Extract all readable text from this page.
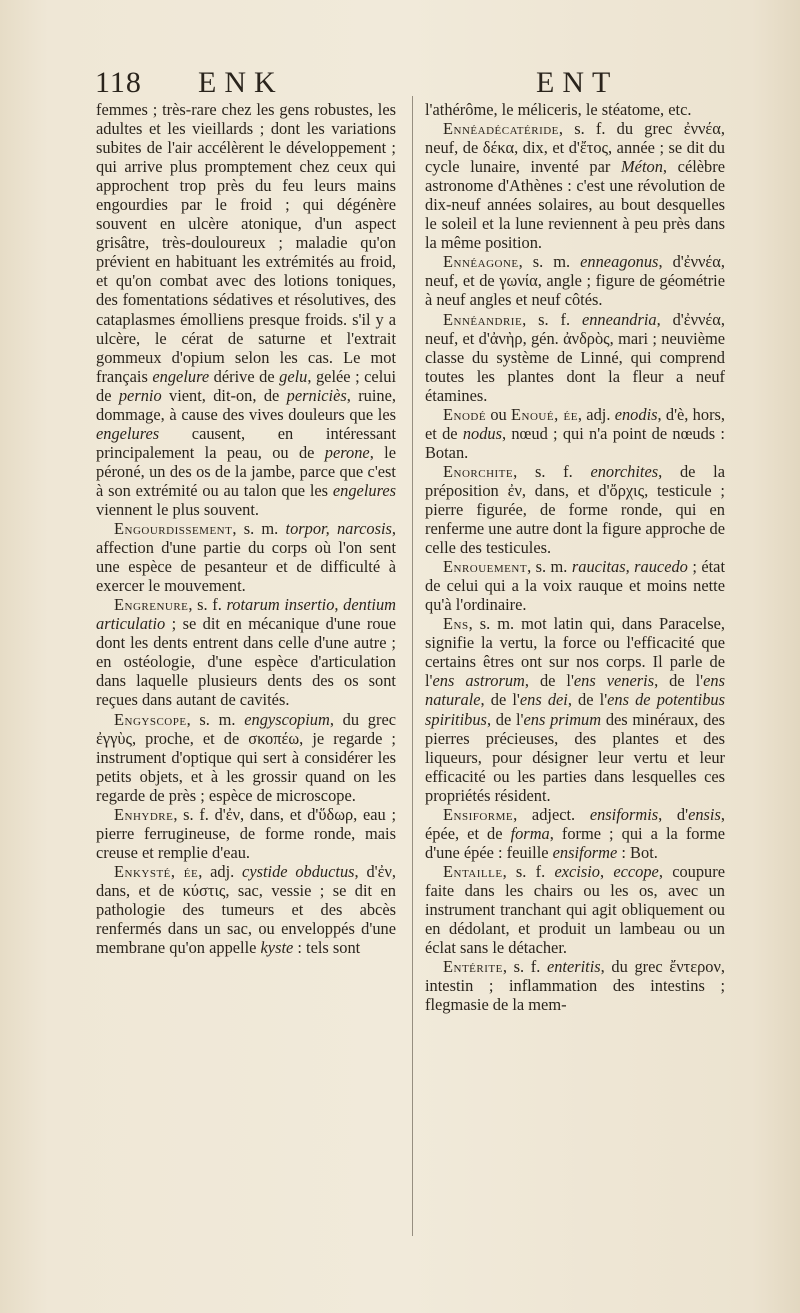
118 ENK	ENT

femmes ; très-rare chez les gens robustes, les adultes et les vieillards ; dont les variations subites de l'air accélèrent le développement ; qui arrive plus promptement chez ceux qui approchent trop près du feu leurs mains engourdies par le froid ; qui dégénère souvent en ulcère atonique, d'un aspect grisâtre, très-douloureux ; maladie qu'on prévient en habituant les extrémités au froid, et qu'on combat avec des lotions toniques, des fomentations sédatives et résolutives, des cataplasmes émolliens presque froids. s'il y a ulcère, le cérat de saturne et l'extrait gommeux d'opium selon les cas. Le mot français engelure dérive de gelu, gelée ; celui de pernio vient, dit-on, de perniciès, ruine, dommage, à cause des vives douleurs que les engelures causent, en intéressant principalement la peau, ou de perone, le péroné, un des os de la jambe, parce que c'est à son extrémité ou au talon que les engelures viennent le plus souvent.

Engourdissement, s. m. torpor, narcosis, affection d'une partie du corps où l'on sent une espèce de pesanteur et de difficulté à exercer le mouvement.

Engrenure, s. f. rotarum insertio, dentium articulatio ; se dit en mécanique d'une roue dont les dents entrent dans celle d'une autre ; en ostéologie, d'une espèce d'articulation dans laquelle plusieurs dents des os sont reçues dans autant de cavités.

Engyscope, s. m. engyscopium, du grec ἐγγὺς, proche, et de σκοπέω, je regarde ; instrument d'optique qui sert à considérer les petits objets, et à les grossir quand on les regarde de près ; espèce de microscope.

Enhydre, s. f. d'ἐν, dans, et d'ὕδωρ, eau ; pierre ferrugineuse, de forme ronde, mais creuse et remplie d'eau.

Enkysté, ée, adj. cystide obductus, d'ἐν, dans, et de κύστις, sac, vessie ; se dit en pathologie des tumeurs et des abcès renfermés dans un sac, ou enveloppés d'une membrane qu'on appelle kyste : tels sont

l'athérôme, le méliceris, le stéatome, etc.

Ennéadécatéride, s. f. du grec ἐννέα, neuf, de δέκα, dix, et d'ἔτος, année ; se dit du cycle lunaire, inventé par Méton, célèbre astronome d'Athènes : c'est une révolution de dix-neuf années solaires, au bout desquelles le soleil et la lune reviennent à peu près dans la même position.

Ennéagone, s. m. enneagonus, d'ἐννέα, neuf, et de γωνία, angle ; figure de géométrie à neuf angles et neuf côtés.

Ennéandrie, s. f. enneandria, d'ἐννέα, neuf, et d'ἀνὴρ, gén. ἀνδρὸς, mari ; neuvième classe du système de Linné, qui comprend toutes les plantes dont la fleur a neuf étamines.

Enodé ou Enoué, ée, adj. enodis, d'è, hors, et de nodus, nœud ; qui n'a point de nœuds : Botan.

Enorchite, s. f. enorchites, de la préposition ἐν, dans, et d'ὄρχις, testicule ; pierre figurée, de forme ronde, qui en renferme une autre dont la figure approche de celle des testicules.

Enrouement, s. m. raucitas, raucedo ; état de celui qui a la voix rauque et moins nette qu'à l'ordinaire.

Ens, s. m. mot latin qui, dans Paracelse, signifie la vertu, la force ou l'efficacité que certains êtres ont sur nos corps. Il parle de l'ens astrorum, de l'ens veneris, de l'ens naturale, de l'ens dei, de l'ens de potentibus spiritibus, de l'ens primum des minéraux, des pierres précieuses, des plantes et des liqueurs, pour désigner leur vertu et leur efficacité ou les parties dans lesquelles ces propriétés résident.

Ensiforme, adject. ensiformis, d'ensis, épée, et de forma, forme ; qui a la forme d'une épée : feuille ensiforme : Bot.

Entaille, s. f. excisio, eccope, coupure faite dans les chairs ou les os, avec un instrument tranchant qui agit obliquement ou en dédolant, et produit un lambeau ou un éclat sans le détacher.

Entérite, s. f. enteritis, du grec ἔντερον, intestin ; inflammation des intestins ; flegmasie de la mem-
